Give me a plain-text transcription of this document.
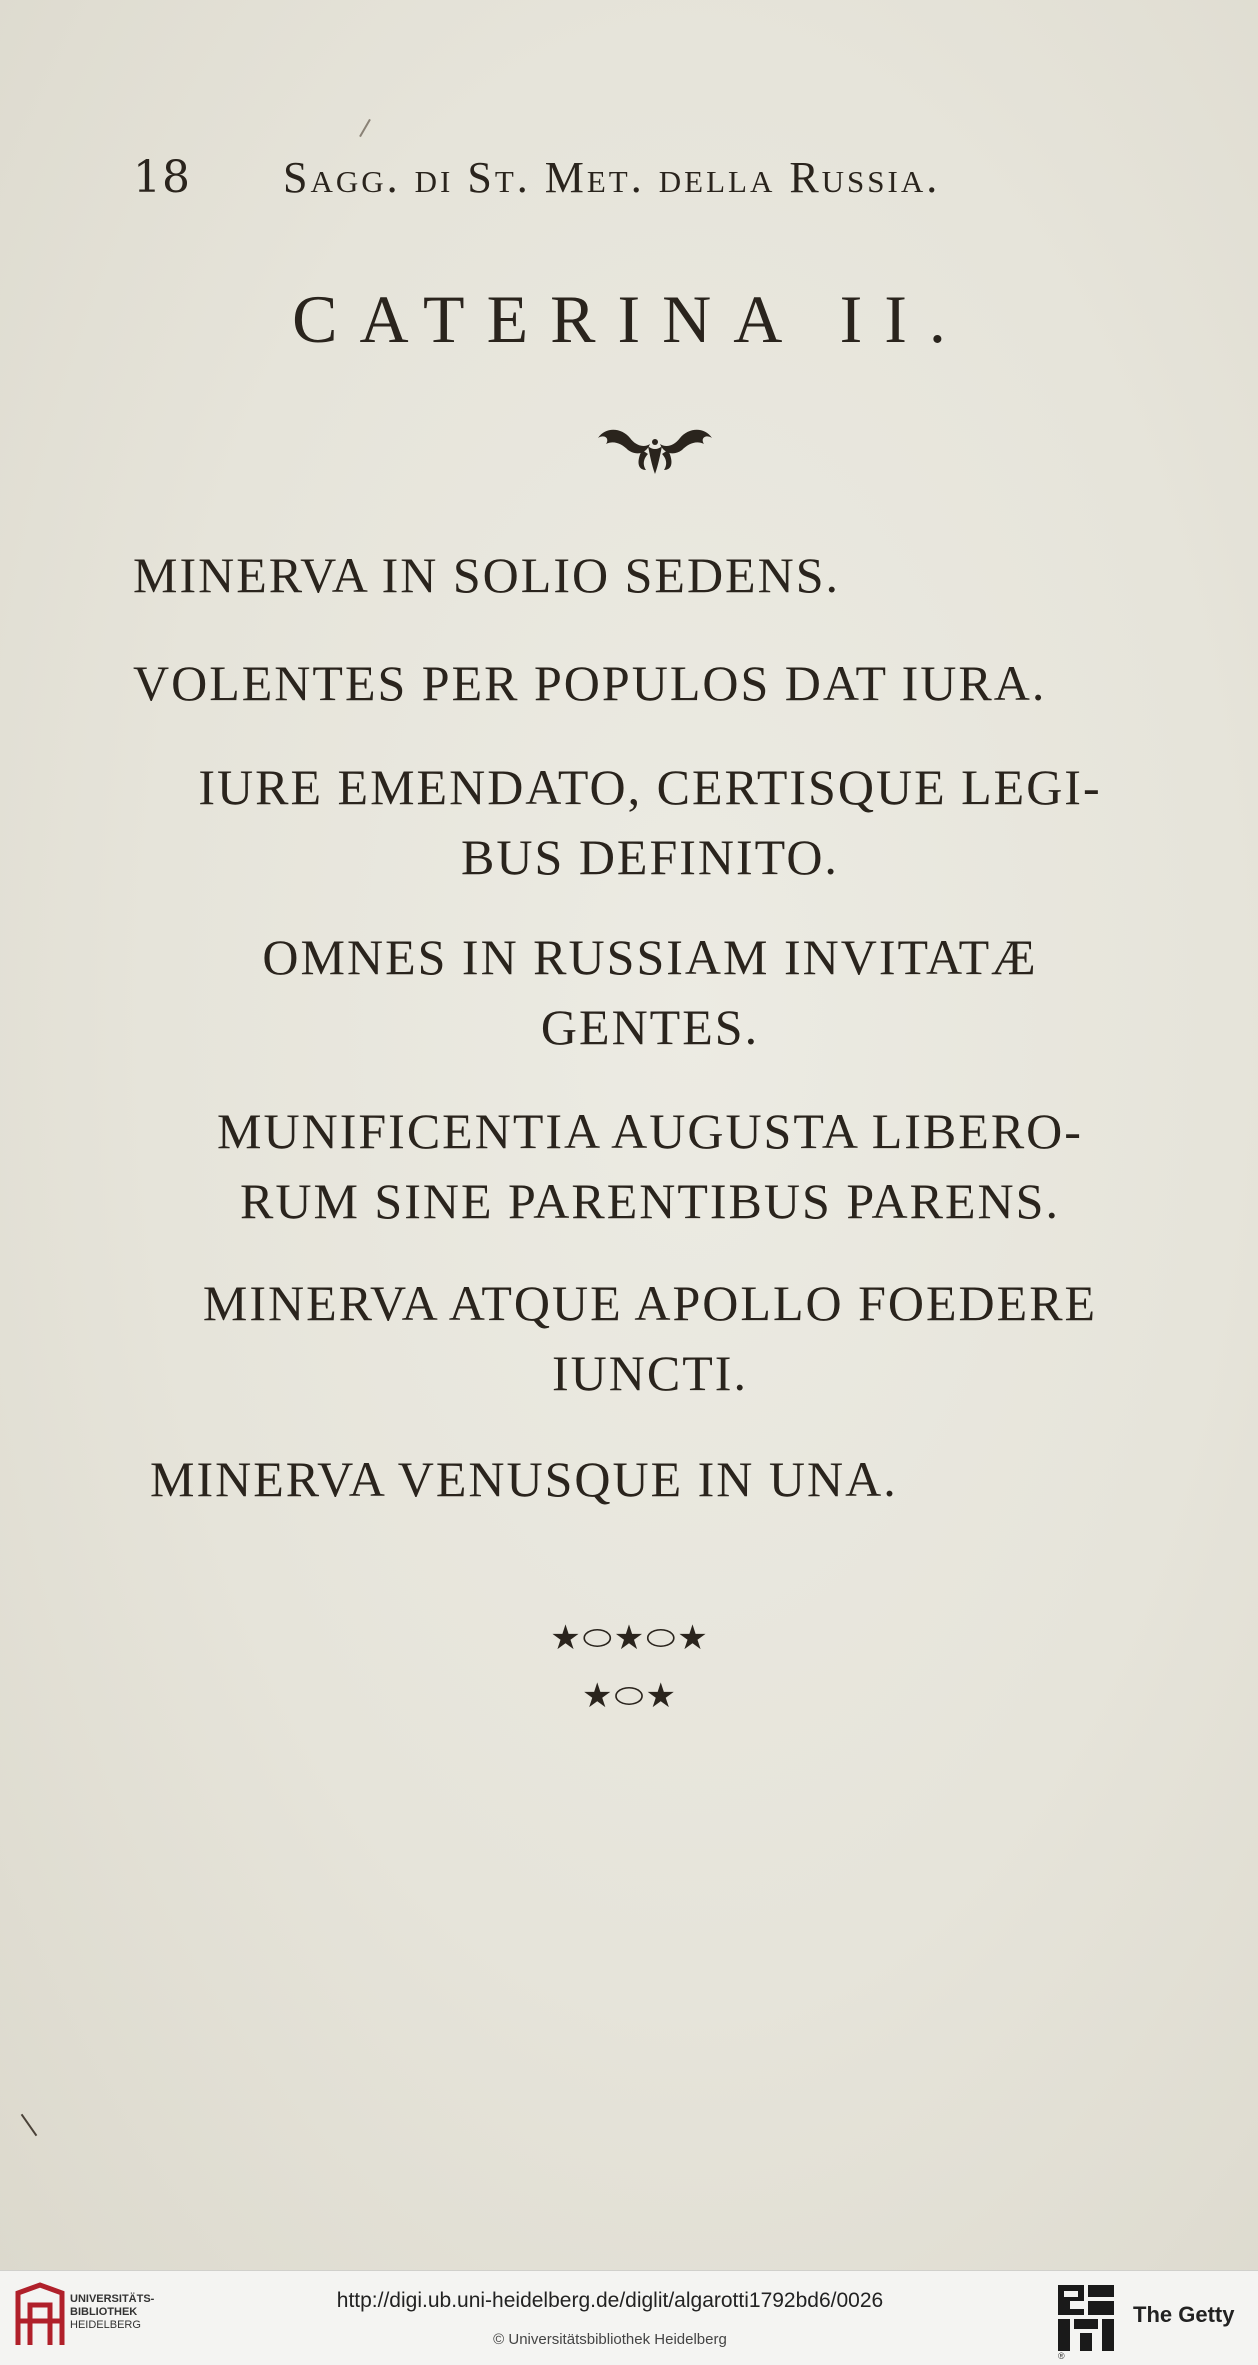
18 Sagg. di St. Met. della Russia.
CATERINA II.
MINERVA IN SOLIO SEDENS.
VOLENTES PER POPULOS DAT IURA.
IURE EMENDATO, CERTISQUE LEGI-
BUS DEFINITO.
OMNES IN RUSSIAM INVITATÆ
GENTES.
MUNIFICENTIA AUGUSTA LIBERO-
RUM SINE PARENTIBUS PARENS.
MINERVA ATQUE APOLLO FOEDERE
IUNCTI.
MINERVA VENUSQUE IN UNA.
★⬭★⬭★
★⬭★
UNIVERSITÄTS-
BIBLIOTHEK
HEIDELBERG
http://digi.ub.uni-heidelberg.de/diglit/algarotti1792bd6/0026
© Universitätsbibliothek Heidelberg
®
The Getty
